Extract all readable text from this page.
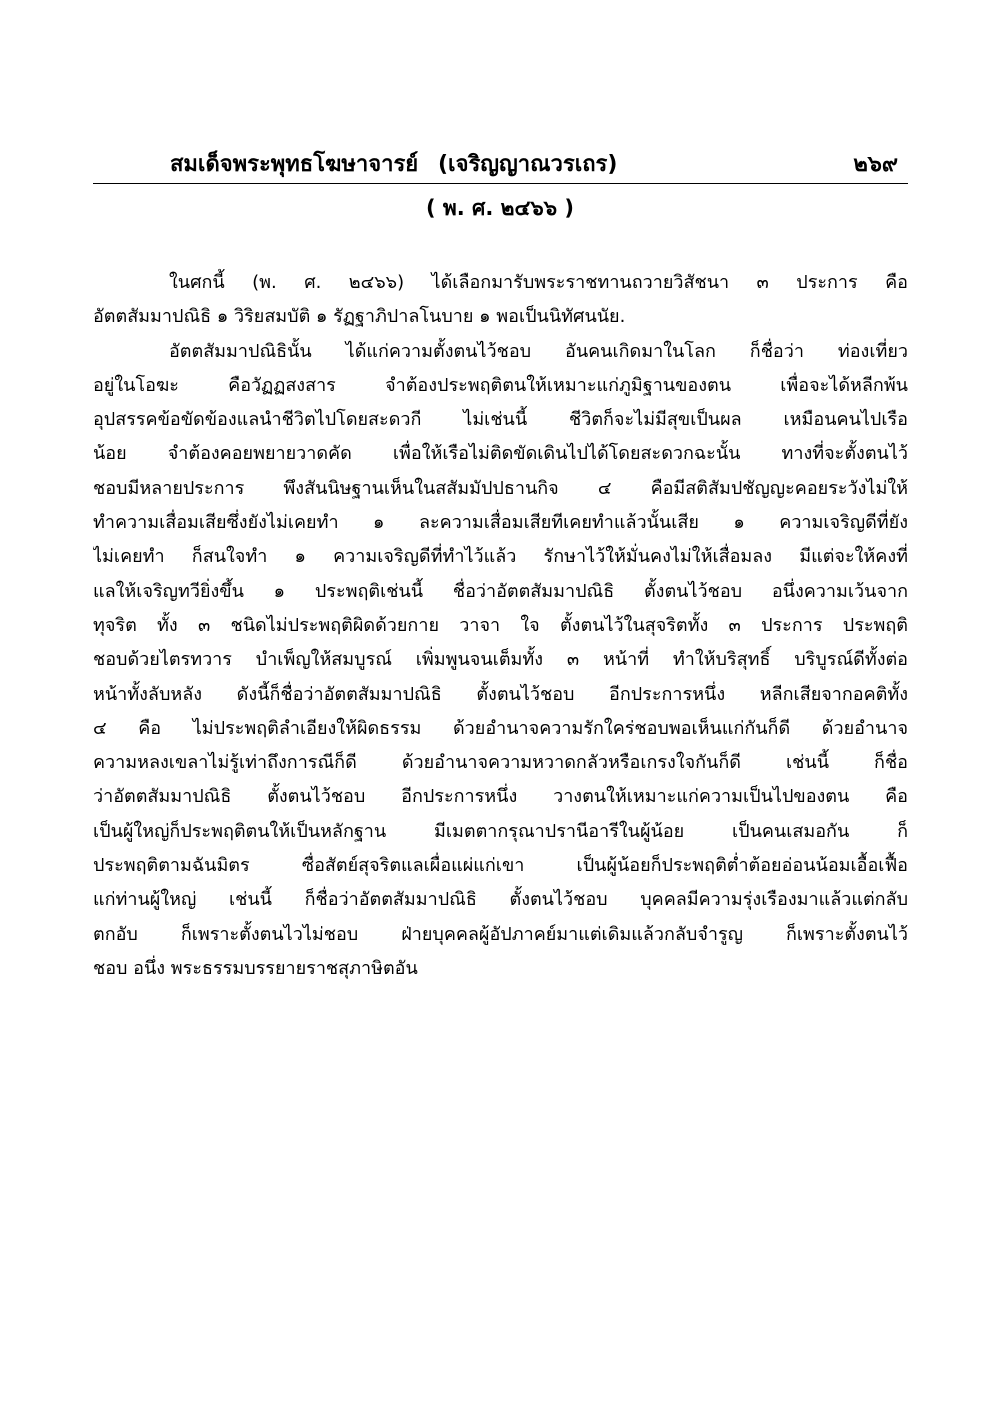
สมเด็จพระพุทธโฆษาจารย์ (เจริญญาณวรเถร)	๒๖๙
( พ. ศ. ๒๔๖๖ )
ในศกนี้ (พ. ศ. ๒๔๖๖) ได้เลือกมารับพระราชทานถวายวิสัชนา ๓ ประการ คือ
อัตตสัมมาปณิธิ ๑ วิริยสมบัติ ๑ รัฏฐาภิปาลโนบาย ๑ พอเป็นนิทัศนนัย.
อัตตสัมมาปณิธินั้น ได้แก่ความตั้งตนไว้ชอบ อันคนเกิดมาในโลก ก็ชื่อว่า ท่องเที่ยว
อยู่ในโอฆะ คือวัฏฏสงสาร จำต้องประพฤติตนให้เหมาะแก่ภูมิฐานของตน เพื่อจะได้หลีกพ้น
อุปสรรคข้อขัดข้องแลนำชีวิตไปโดยสะดวกี ไม่เช่นนี้ ชีวิตก็จะไม่มีสุขเป็นผล เหมือนคนไปเรือ
น้อย จำต้องคอยพยายวาดคัด เพื่อให้เรือไม่ติดขัดเดินไปได้โดยสะดวกฉะนั้น ทางที่จะตั้งตนไว้
ชอบมีหลายประการ พึงสันนิษฐานเห็นในสสัมมัปปธานกิจ ๔ คือมีสติสัมปชัญญะคอยระวังไม่ให้
ทำความเสื่อมเสียซึ่งยังไม่เคยทำ ๑ ละความเสื่อมเสียทีเคยทำแล้วนั้นเสีย ๑ ความเจริญดีที่ยัง
ไม่เคยทำ ก็สนใจทำ ๑ ความเจริญดีที่ทำไว้แล้ว รักษาไว้ให้มั่นคงไม่ให้เสื่อมลง มีแต่จะให้คงที่
แลให้เจริญทวียิ่งขึ้น ๑ ประพฤติเช่นนี้ ชื่อว่าอัตตสัมมาปณิธิ ตั้งตนไว้ชอบ อนึ่งความเว้นจาก
ทุจริต ทั้ง ๓ ชนิดไม่ประพฤติผิดด้วยกาย วาจา ใจ ตั้งตนไว้ในสุจริตทั้ง ๓ ประการ ประพฤติ
ชอบด้วยไตรทวาร บำเพ็ญให้สมบูรณ์ เพิ่มพูนจนเต็มทั้ง ๓ หน้าที่ ทำให้บริสุทธิ์ บริบูรณ์ดีทั้งต่อ
หน้าทั้งลับหลัง ดังนี้ก็ชื่อว่าอัตตสัมมาปณิธิ ตั้งตนไว้ชอบ อีกประการหนึ่ง หลีกเสียจากอคติทั้ง
๔ คือ ไม่ประพฤติลำเอียงให้ผิดธรรม ด้วยอำนาจความรักใคร่ชอบพอเห็นแก่กันก็ดี ด้วยอำนาจ
ความหลงเขลาไม่รู้เท่าถึงการณีก็ดี ด้วยอำนาจความหวาดกลัวหรือเกรงใจกันก็ดี เช่นนี้ ก็ชื่อ
ว่าอัตตสัมมาปณิธิ ตั้งตนไว้ชอบ อีกประการหนึ่ง วางตนให้เหมาะแก่ความเป็นไปของตน คือ
เป็นผู้ใหญ่ก็ประพฤติตนให้เป็นหลักฐาน มีเมตตากรุณาปรานีอารีในผู้น้อย เป็นคนเสมอกัน ก็
ประพฤติตามฉันมิตร ซื่อสัตย์สุจริตแลเผื่อแผ่แก่เขา เป็นผู้น้อยก็ประพฤติต่ำต้อยอ่อนน้อมเอื้อเฟื้อ
แก่ท่านผู้ใหญ่ เช่นนี้ ก็ชื่อว่าอัตตสัมมาปณิธิ ตั้งตนไว้ชอบ บุคคลมีความรุ่งเรืองมาแล้วแต่กลับ
ตกอับ ก็เพราะตั้งตนไวไม่ชอบ ฝ่ายบุคคลผู้อัปภาคย์มาแต่เดิมแล้วกลับจำรูญ ก็เพราะตั้งตนไว้
ชอบ อนึ่ง พระธรรมบรรยายราชสุภาษิตอัน
